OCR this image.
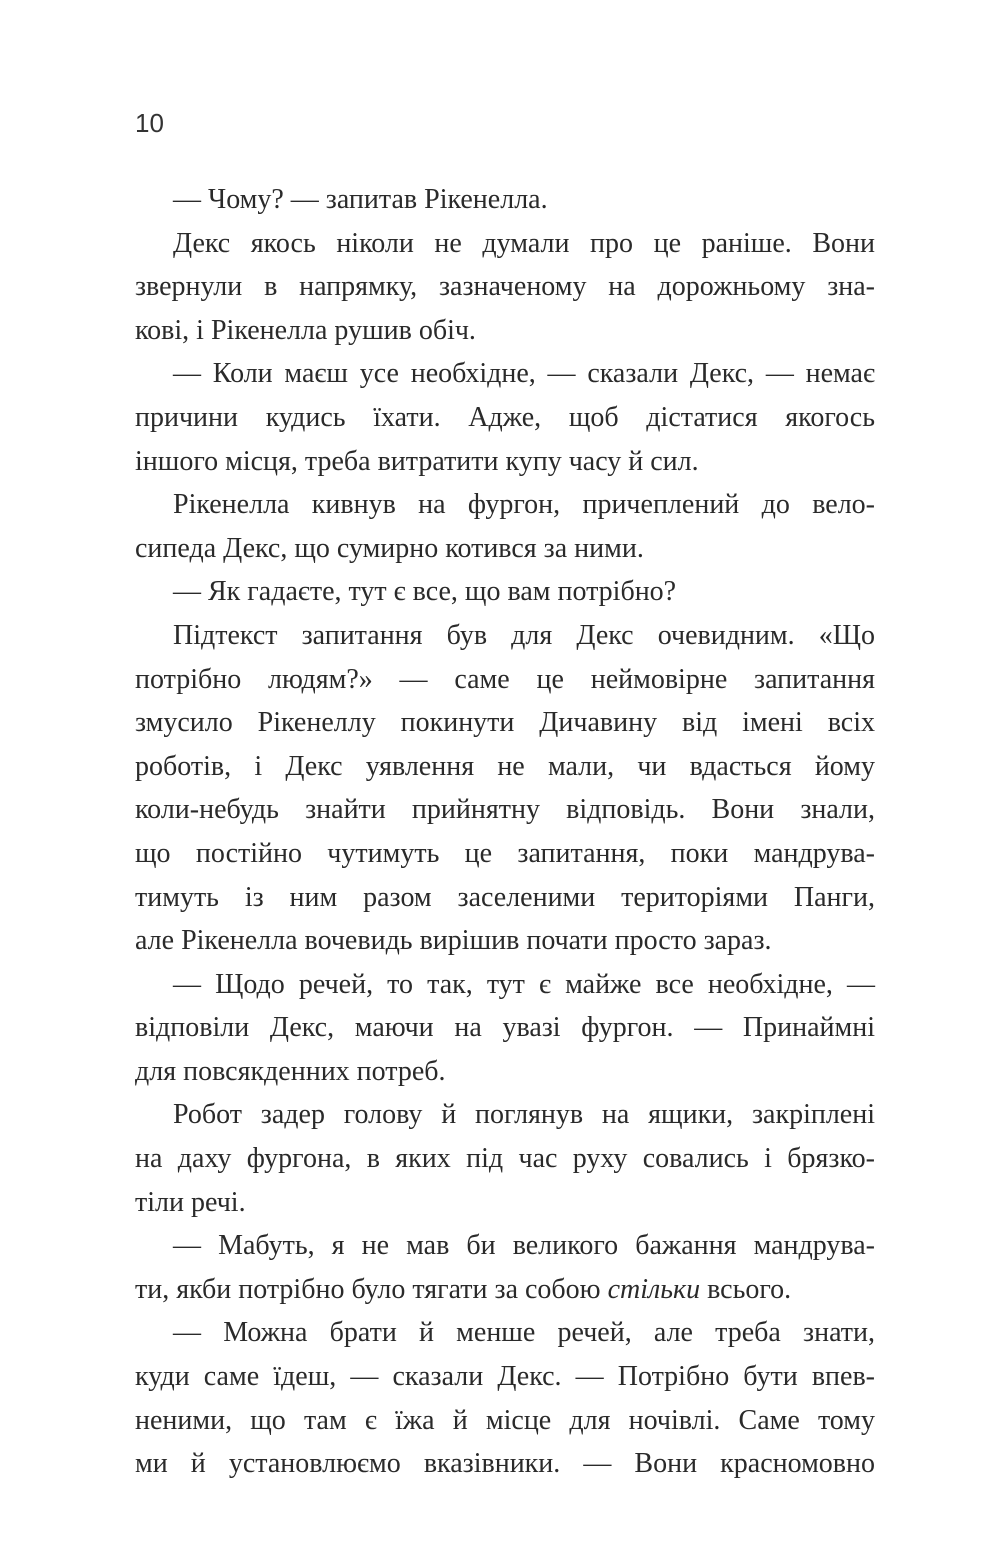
10
— Чому? — запитав Рікенелла.
Декс якось ніколи не думали про це раніше. Вони
звернули в напрямку, зазначеному на дорожньому зна-
кові, і Рікенелла рушив обіч.
— Коли маєш усе необхідне, — сказали Декс, — немає
причини кудись їхати. Адже, щоб дістатися якогось
іншого місця, треба витратити купу часу й сил.
Рікенелла кивнув на фургон, причеплений до вело-
сипеда Декс, що сумирно котився за ними.
— Як гадаєте, тут є все, що вам потрібно?
Підтекст запитання був для Декс очевидним. «Що
потрібно людям?» — саме це неймовірне запитання
змусило Рікенеллу покинути Дичавину від імені всіх
роботів, і Декс уявлення не мали, чи вдасться йому
коли-небудь знайти прийнятну відповідь. Вони знали,
що постійно чутимуть це запитання, поки мандрува-
тимуть із ним разом заселеними територіями Панги,
але Рікенелла вочевидь вирішив почати просто зараз.
— Щодо речей, то так, тут є майже все необхідне, —
відповіли Декс, маючи на увазі фургон. — Принаймні
для повсякденних потреб.
Робот задер голову й поглянув на ящики, закріплені
на даху фургона, в яких під час руху совались і брязко-
тіли речі.
— Мабуть, я не мав би великого бажання мандрува-
ти, якби потрібно було тягати за собою стільки всього.
— Можна брати й менше речей, але треба знати,
куди саме їдеш, — сказали Декс. — Потрібно бути впев-
неними, що там є їжа й місце для ночівлі. Саме тому
ми й установлюємо вказівники. — Вони красномовно
